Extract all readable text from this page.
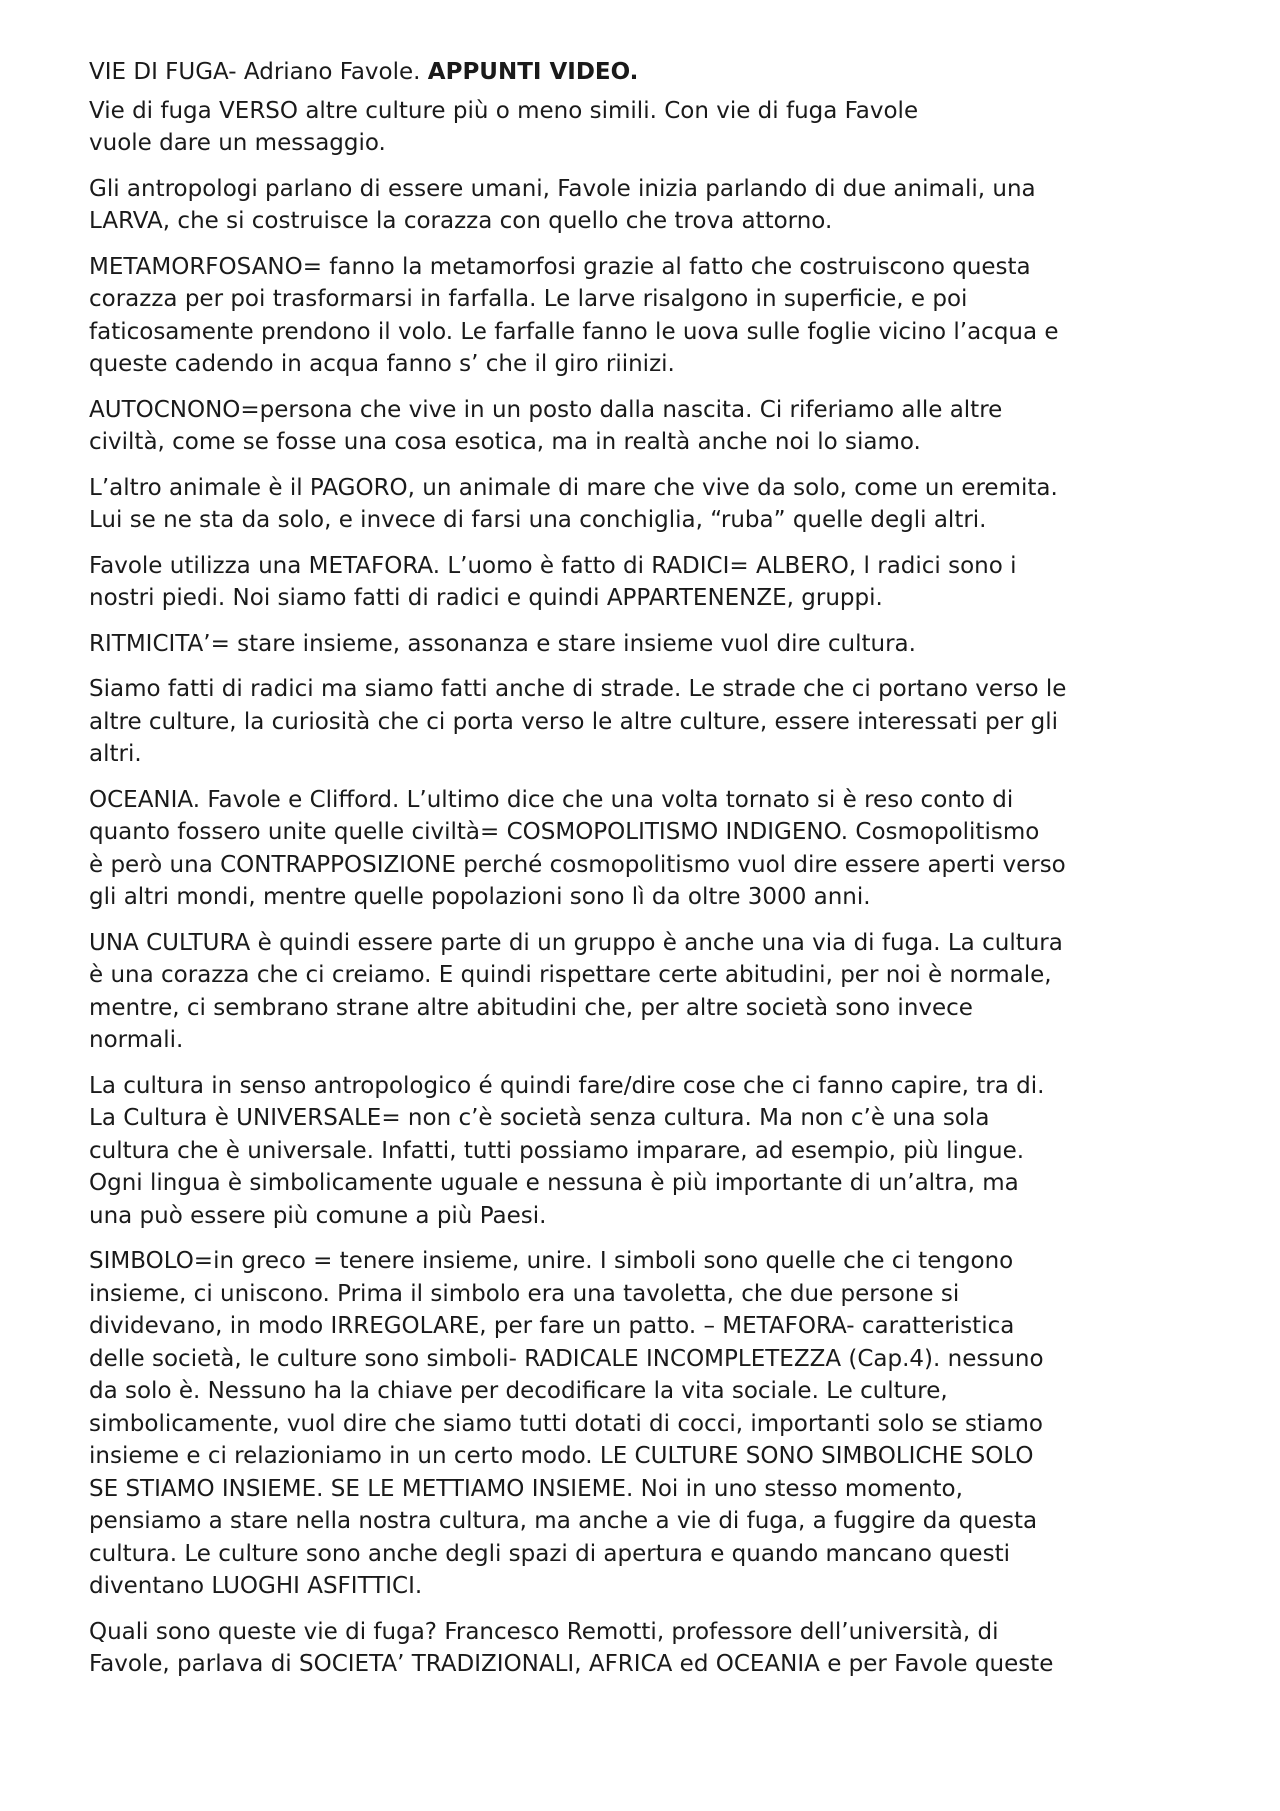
VIE DI FUGA- Adriano Favole. APPUNTI VIDEO.

Vie di fuga VERSO altre culture più o meno simili. Con vie di fuga Favole
vuole dare un messaggio.

Gli antropologi parlano di essere umani, Favole inizia parlando di due animali, una
LARVA, che si costruisce la corazza con quello che trova attorno.

METAMORFOSANO= fanno la metamorfosi grazie al fatto che costruiscono questa
corazza per poi trasformarsi in farfalla. Le larve risalgono in superficie, e poi
faticosamente prendono il volo. Le farfalle fanno le uova sulle foglie vicino l’acqua e
queste cadendo in acqua fanno s’ che il giro riinizi.

AUTOCNONO=persona che vive in un posto dalla nascita. Ci riferiamo alle altre
civiltà, come se fosse una cosa esotica, ma in realtà anche noi lo siamo.

L’altro animale è il PAGORO, un animale di mare che vive da solo, come un eremita.
Lui se ne sta da solo, e invece di farsi una conchiglia, “ruba” quelle degli altri.

Favole utilizza una METAFORA. L’uomo è fatto di RADICI= ALBERO, l radici sono i
nostri piedi. Noi siamo fatti di radici e quindi APPARTENENZE, gruppi.

RITMICITA’= stare insieme, assonanza e stare insieme vuol dire cultura.

Siamo fatti di radici ma siamo fatti anche di strade. Le strade che ci portano verso le
altre culture, la curiosità che ci porta verso le altre culture, essere interessati per gli
altri.

OCEANIA. Favole e Clifford. L’ultimo dice che una volta tornato si è reso conto di
quanto fossero unite quelle civiltà= COSMOPOLITISMO INDIGENO. Cosmopolitismo
è però una CONTRAPPOSIZIONE perché cosmopolitismo vuol dire essere aperti verso
gli altri mondi, mentre quelle popolazioni sono lì da oltre 3000 anni.

UNA CULTURA è quindi essere parte di un gruppo è anche una via di fuga. La cultura
è una corazza che ci creiamo. E quindi rispettare certe abitudini, per noi è normale,
mentre, ci sembrano strane altre abitudini che, per altre società sono invece
normali.

La cultura in senso antropologico é quindi fare/dire cose che ci fanno capire, tra di.
La Cultura è UNIVERSALE= non c’è società senza cultura. Ma non c’è una sola
cultura che è universale. Infatti, tutti possiamo imparare, ad esempio, più lingue.
Ogni lingua è simbolicamente uguale e nessuna è più importante di un’altra, ma
una può essere più comune a più Paesi.

SIMBOLO=in greco = tenere insieme, unire. I simboli sono quelle che ci tengono
insieme, ci uniscono. Prima il simbolo era una tavoletta, che due persone si
dividevano, in modo IRREGOLARE, per fare un patto. – METAFORA- caratteristica
delle società, le culture sono simboli- RADICALE INCOMPLETEZZA (Cap.4). nessuno
da solo è. Nessuno ha la chiave per decodificare la vita sociale. Le culture,
simbolicamente, vuol dire che siamo tutti dotati di cocci, importanti solo se stiamo
insieme e ci relazioniamo in un certo modo. LE CULTURE SONO SIMBOLICHE SOLO
SE STIAMO INSIEME. SE LE METTIAMO INSIEME. Noi in uno stesso momento,
pensiamo a stare nella nostra cultura, ma anche a vie di fuga, a fuggire da questa
cultura. Le culture sono anche degli spazi di apertura e quando mancano questi
diventano LUOGHI ASFITTICI.

Quali sono queste vie di fuga? Francesco Remotti, professore dell’università, di
Favole, parlava di SOCIETA’ TRADIZIONALI, AFRICA ed OCEANIA e per Favole queste
